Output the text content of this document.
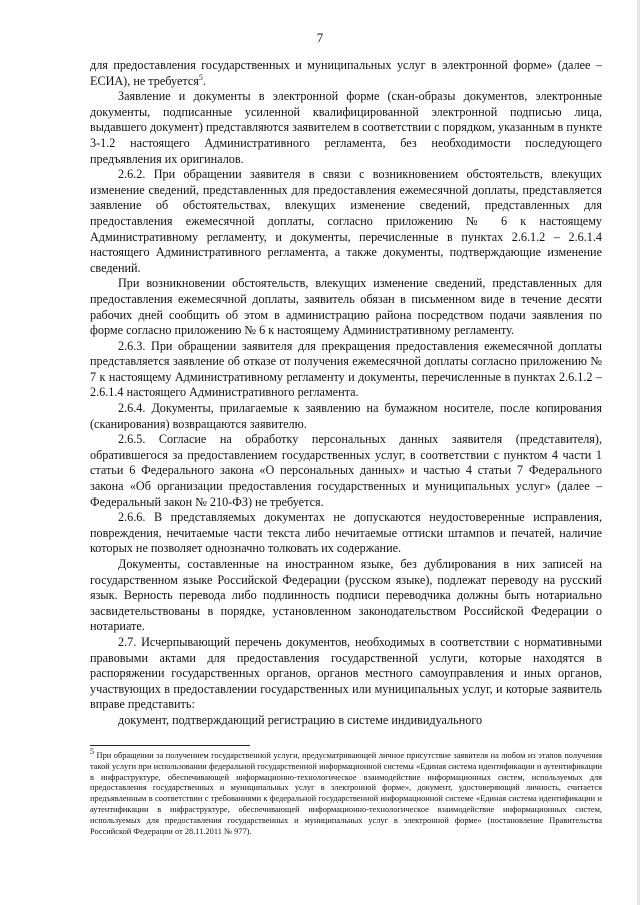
7

для предоставления государственных и муниципальных услуг в электронной форме» (далее – ЕСИА), не требуется$^5$.

Заявление и документы в электронной форме (скан-образы документов, электронные документы, подписанные усиленной квалифицированной электронной подписью лица, выдавшего документ) представляются заявителем в соответствии с порядком, указанным в пункте 3-1.2 настоящего Административного регламента, без необходимости последующего предъявления их оригиналов.

2.6.2. При обращении заявителя в связи с возникновением обстоятельств, влекущих изменение сведений, представленных для предоставления ежемесячной доплаты, представляется заявление об обстоятельствах, влекущих изменение сведений, представленных для предоставления ежемесячной доплаты, согласно приложению № 6 к настоящему Административному регламенту, и документы, перечисленные в пунктах 2.6.1.2 – 2.6.1.4 настоящего Административного регламента, а также документы, подтверждающие изменение сведений.

При возникновении обстоятельств, влекущих изменение сведений, представленных для предоставления ежемесячной доплаты, заявитель обязан в письменном виде в течение десяти рабочих дней сообщить об этом в администрацию района посредством подачи заявления по форме согласно приложению № 6 к настоящему Административному регламенту.

2.6.3. При обращении заявителя для прекращения предоставления ежемесячной доплаты представляется заявление об отказе от получения ежемесячной доплаты согласно приложению № 7 к настоящему Административному регламенту и документы, перечисленные в пунктах 2.6.1.2 – 2.6.1.4 настоящего Административного регламента.

2.6.4. Документы, прилагаемые к заявлению на бумажном носителе, после копирования (сканирования) возвращаются заявителю.

2.6.5. Согласие на обработку персональных данных заявителя (представителя), обратившегося за предоставлением государственных услуг, в соответствии с пунктом 4 части 1 статьи 6 Федерального закона «О персональных данных» и частью 4 статьи 7 Федерального закона «Об организации предоставления государственных и муниципальных услуг» (далее – Федеральный закон № 210-ФЗ) не требуется.

2.6.6. В представляемых документах не допускаются неудостоверенные исправления, повреждения, нечитаемые части текста либо нечитаемые оттиски штампов и печатей, наличие которых не позволяет однозначно толковать их содержание.

Документы, составленные на иностранном языке, без дублирования в них записей на государственном языке Российской Федерации (русском языке), подлежат переводу на русский язык. Верность перевода либо подлинность подписи переводчика должны быть нотариально засвидетельствованы в порядке, установленном законодательством Российской Федерации о нотариате.

2.7. Исчерпывающий перечень документов, необходимых в соответствии с нормативными правовыми актами для предоставления государственной услуги, которые находятся в распоряжении государственных органов, органов местного самоуправления и иных органов, участвующих в предоставлении государственных или муниципальных услуг, и которые заявитель вправе представить:

документ, подтверждающий регистрацию в системе индивидуального

$^5$ При обращении за получением государственной услуги, предусматривающей личное присутствие заявителя на любом из этапов получения такой услуги при использовании федеральной государственной информационной системы «Единая система идентификации и аутентификации в инфраструктуре, обеспечивающей информационно-технологическое взаимодействие информационных систем, используемых для предоставления государственных и муниципальных услуг в электронной форме», документ, удостоверяющий личность, считается предъявленным в соответствии с требованиями к федеральной государственной информационной системе «Единая система идентификации и аутентификации в инфраструктуре, обеспечивающей информационно-технологическое взаимодействие информационных систем, используемых для предоставления государственных и муниципальных услуг в электронной форме» (постановление Правительства Российской Федерации от 28.11.2011 № 977).
